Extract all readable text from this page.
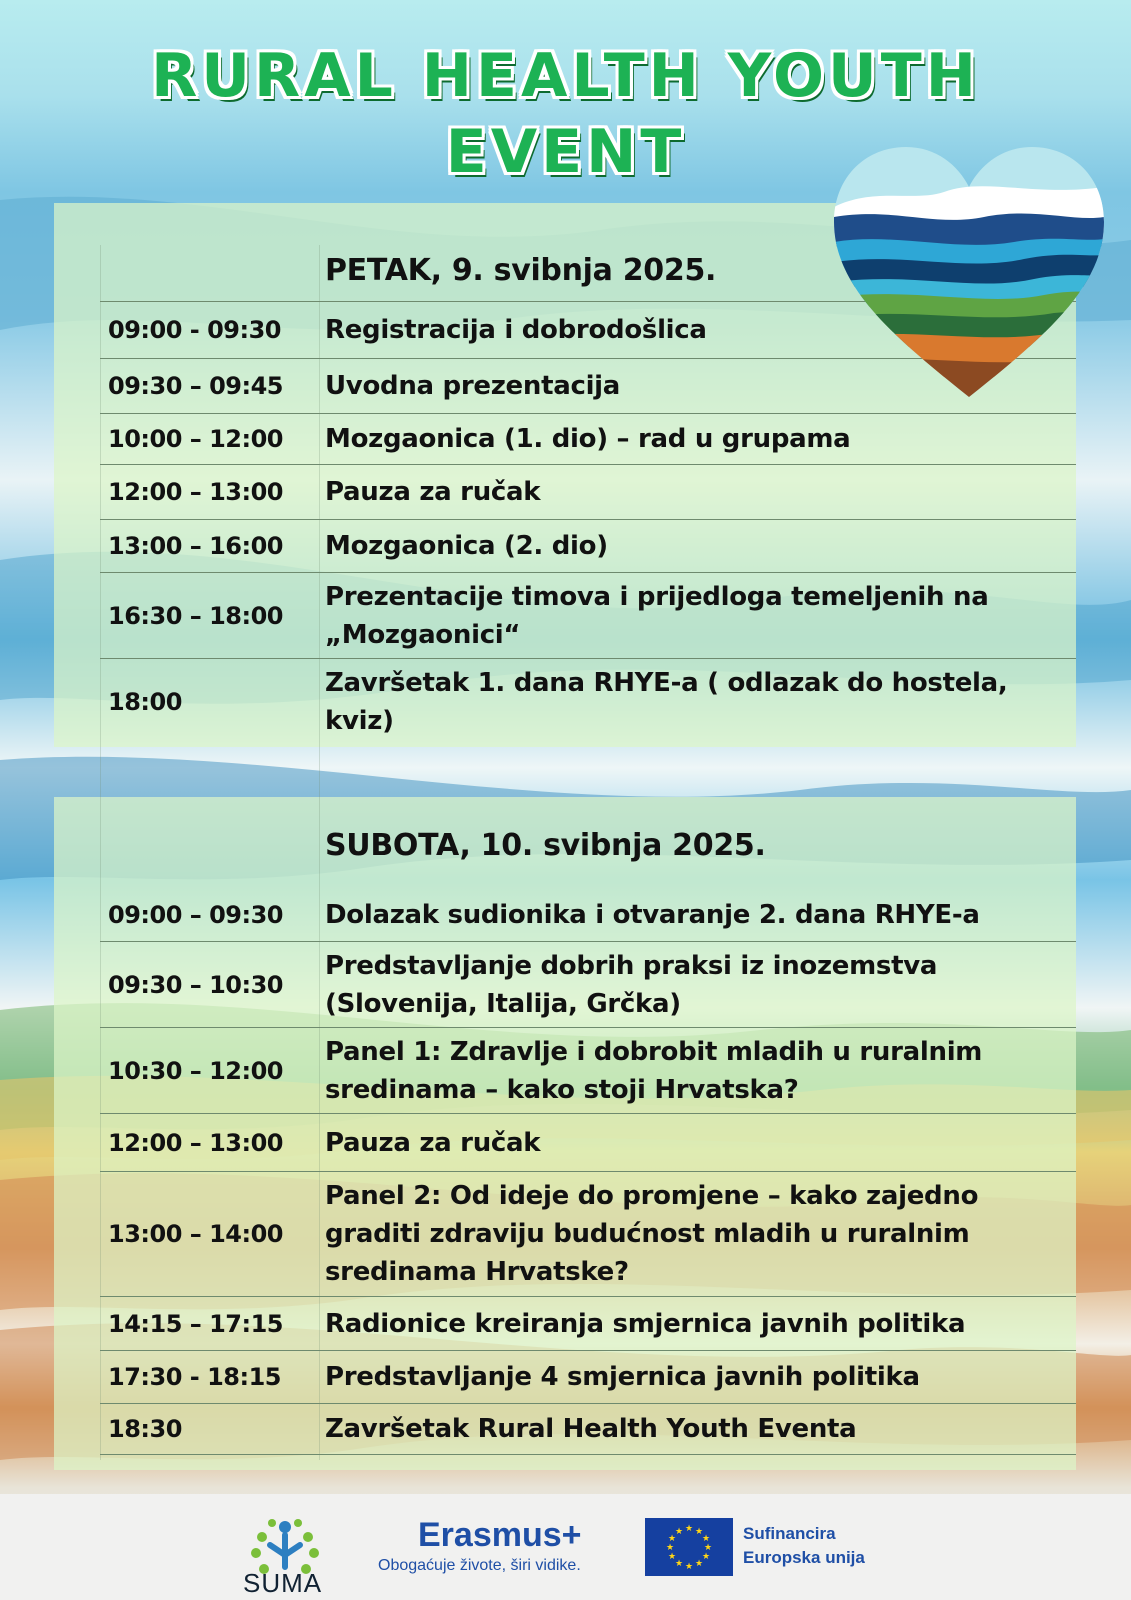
RURAL HEALTH YOUTH
EVENT
PETAK, 9. svibnja 2025.
09:00 - 09:30 Registracija i dobrodošlica
09:30 – 09:45 Uvodna prezentacija
10:00 – 12:00 Mozgaonica (1. dio) – rad u grupama
12:00 – 13:00 Pauza za ručak
13:00 – 16:00 Mozgaonica (2. dio)
16:30 – 18:00
Prezentacije timova i prijedloga temeljenih na „Mozgaonici“
18:00
Završetak 1. dana RHYE-a ( odlazak do hostela, kviz)
SUBOTA, 10. svibnja 2025.
09:00 – 09:30 Dolazak sudionika i otvaranje 2. dana RHYE-a
09:30 – 10:30
Predstavljanje dobrih praksi iz inozemstva (Slovenija, Italija, Grčka)
10:30 – 12:00
Panel 1: Zdravlje i dobrobit mladih u ruralnim sredinama – kako stoji Hrvatska?
12:00 – 13:00 Pauza za ručak
13:00 – 14:00
Panel 2: Od ideje do promjene – kako zajedno graditi zdraviju budućnost mladih u ruralnim sredinama Hrvatske?
14:15 – 17:15 Radionice kreiranja smjernica javnih politika
17:30 - 18:15 Predstavljanje 4 smjernica javnih politika
18:30	Završetak Rural Health Youth Eventa
SUMA
Erasmus+
Obogaćuje živote, širi vidike.
★ ★
★
★
★
★
★
★
★
★
★
★	Sufinancira
Europska unija
